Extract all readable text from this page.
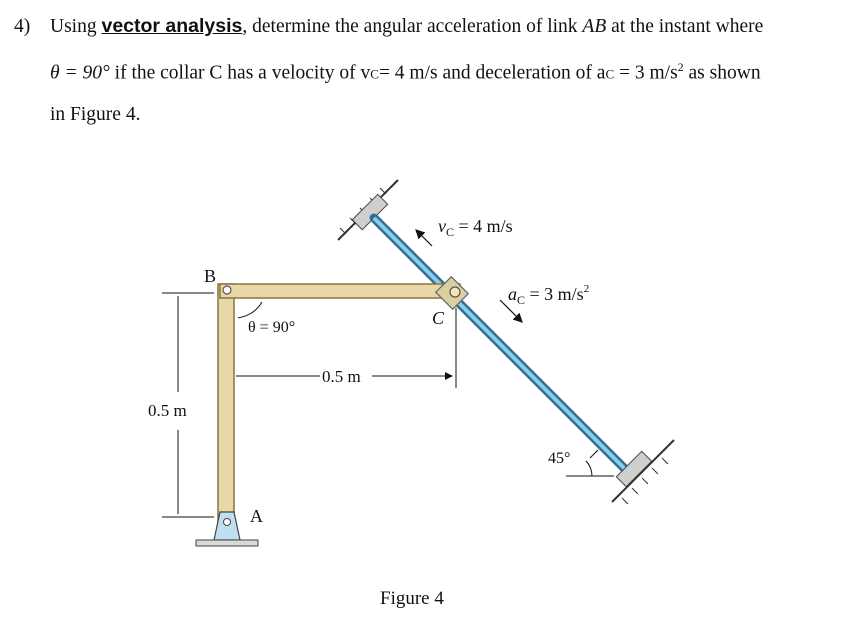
4) Using vector analysis, determine the angular acceleration of link AB at the instant where
θ = 90° if the collar C has a velocity of vC= 4 m/s and deceleration of aC = 3 $m/s^2$ as shown
in Figure 4.
45°
0.5 m
0.5 m
θ = 90°
B
A
C
$v_C = 4$ m/s
$a_C = 3$ $m/s^2$
Figure 4
